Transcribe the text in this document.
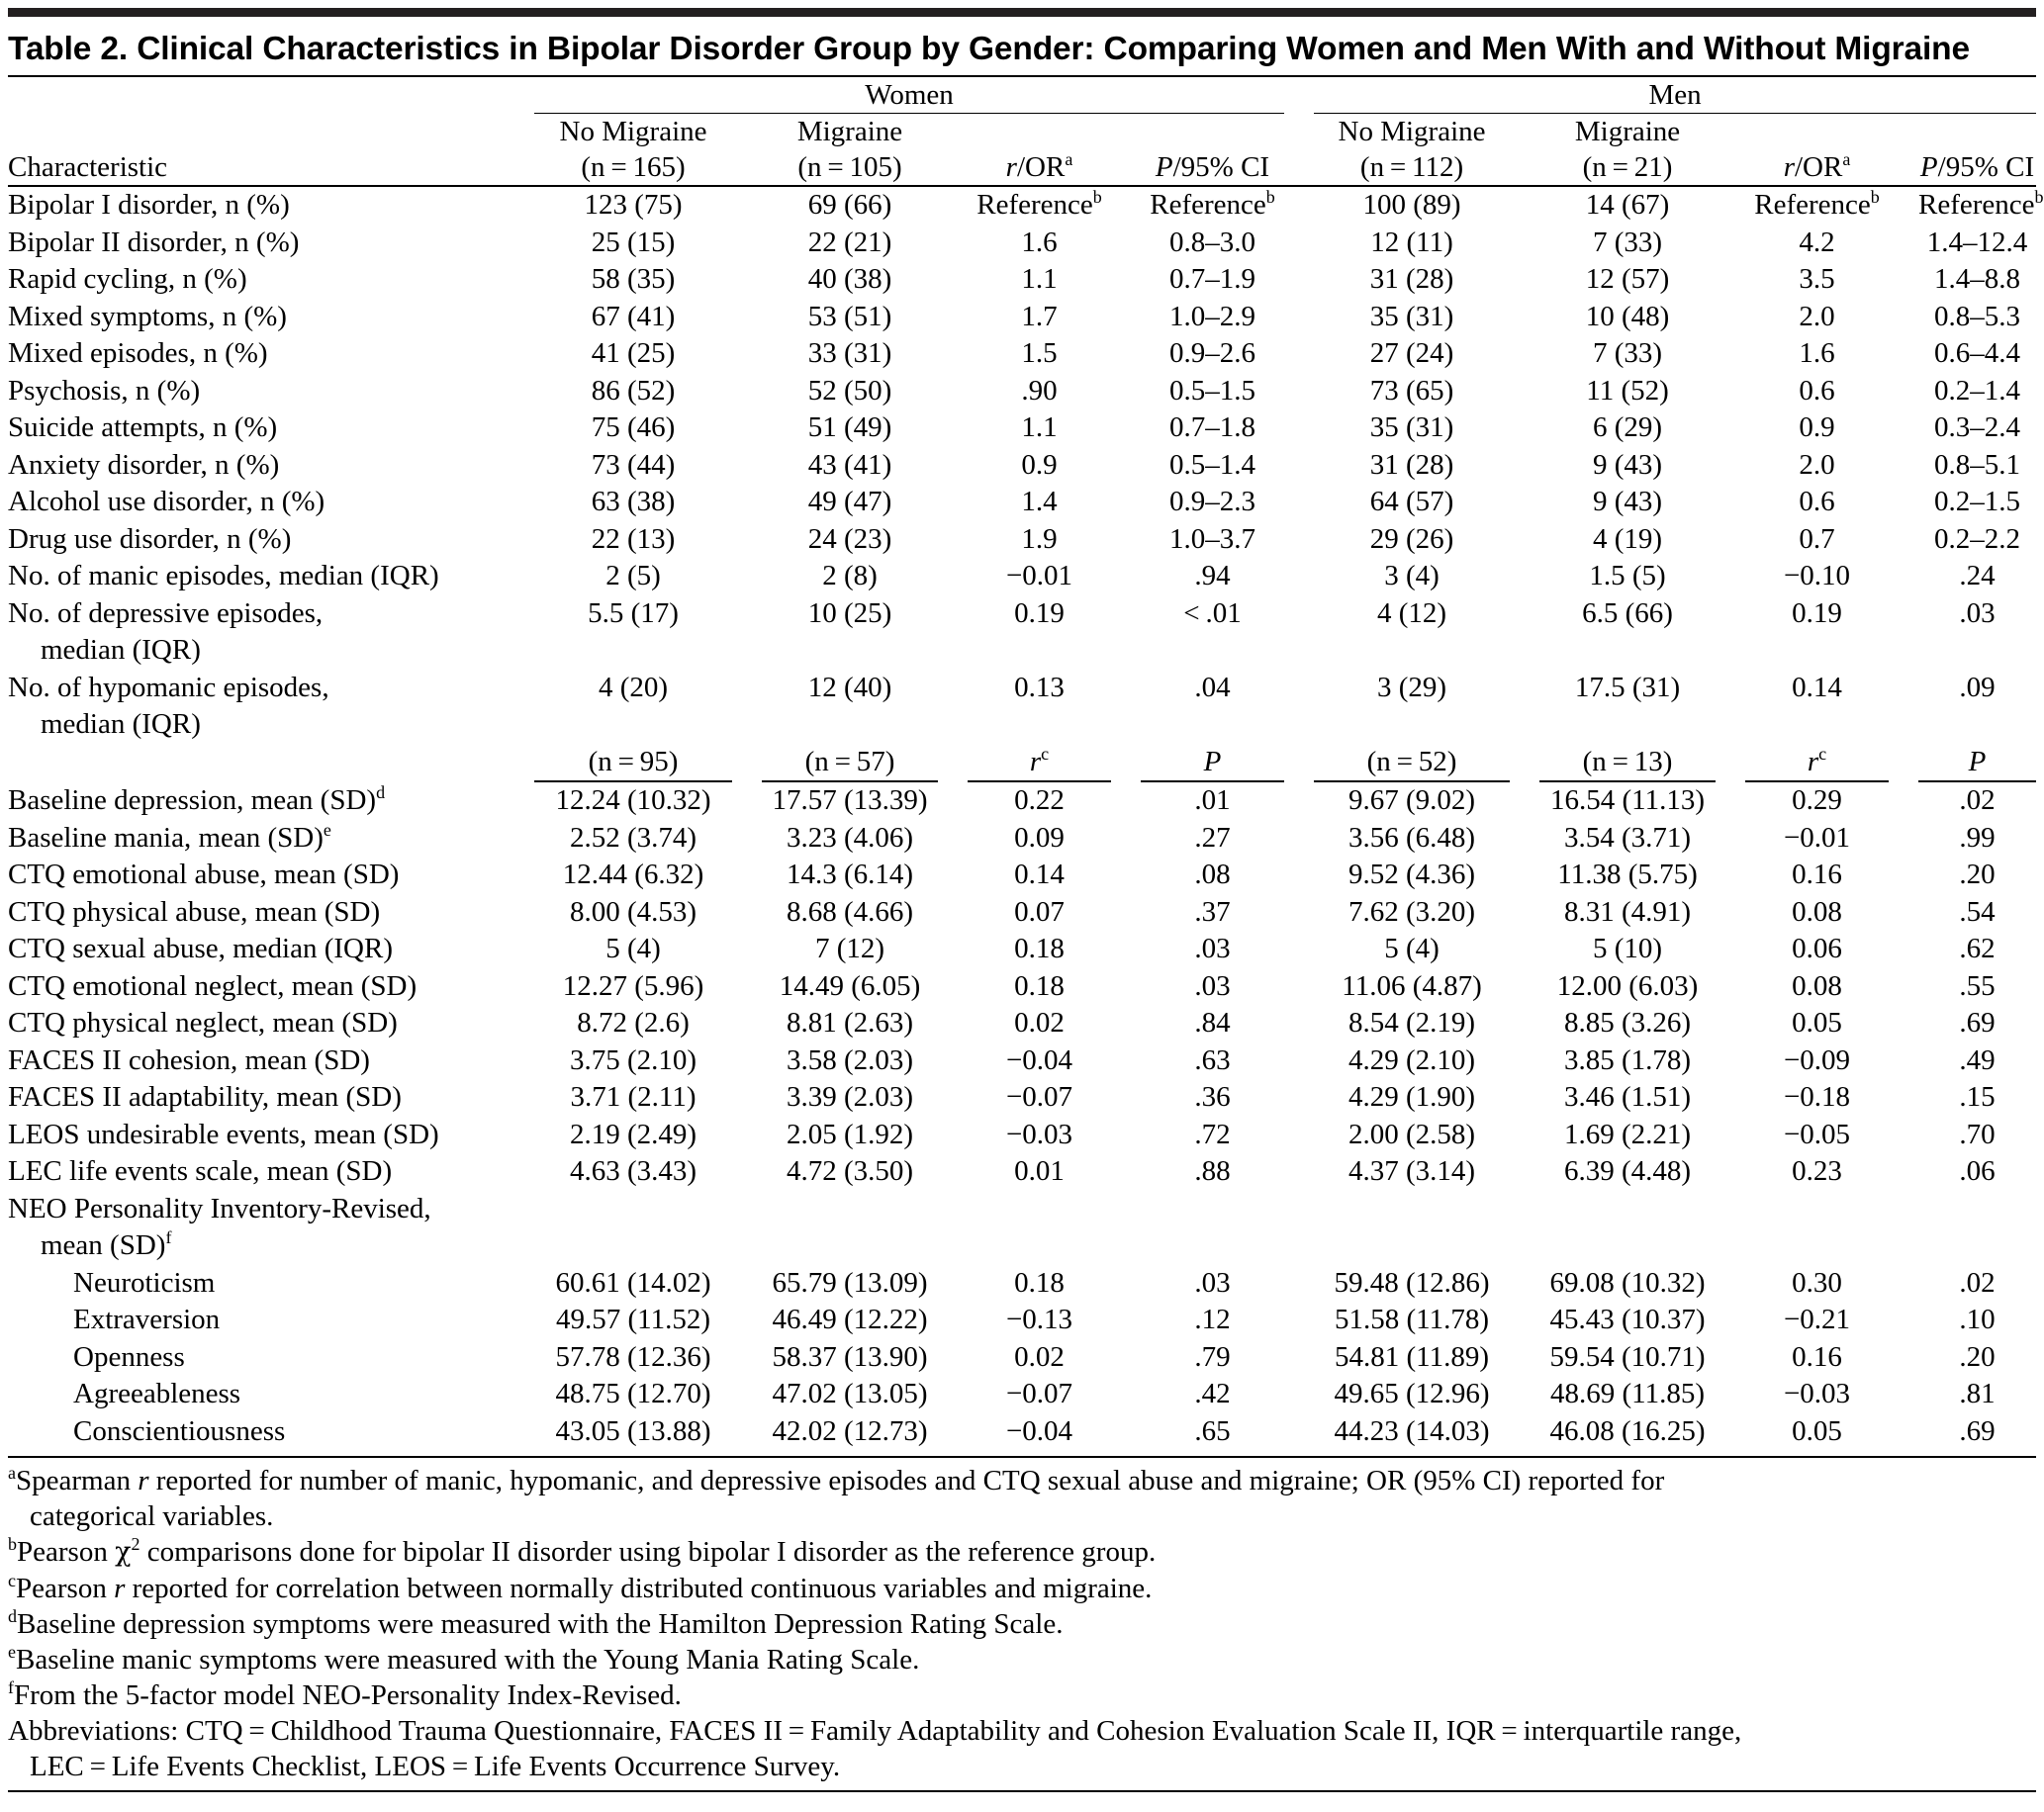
Table 2. Clinical Characteristics in Bipolar Disorder Group by Gender: Comparing Women and Men With and Without Migraine
	Women								Men						
	No Migraine		Migraine						No Migraine		Migraine				
Characteristic	(n = 165)		(n = 105)		$r/OR^a$		P/95% CI		(n = 112)		(n = 21)		$r/OR^a$		P/95% CI
Bipolar I disorder, n (%)	123 (75)		69 (66)		Reference$^b$		Reference$^b$		100 (89)		14 (67)		Reference$^b$		Reference$^b$
Bipolar II disorder, n (%)	25 (15)		22 (21)		1.6		0.8–3.0		12 (11)		7 (33)		4.2		1.4–12.4
Rapid cycling, n (%)	58 (35)		40 (38)		1.1		0.7–1.9		31 (28)		12 (57)		3.5		1.4–8.8
Mixed symptoms, n (%)	67 (41)		53 (51)		1.7		1.0–2.9		35 (31)		10 (48)		2.0		0.8–5.3
Mixed episodes, n (%)	41 (25)		33 (31)		1.5		0.9–2.6		27 (24)		7 (33)		1.6		0.6–4.4
Psychosis, n (%)	86 (52)		52 (50)		.90		0.5–1.5		73 (65)		11 (52)		0.6		0.2–1.4
Suicide attempts, n (%)	75 (46)		51 (49)		1.1		0.7–1.8		35 (31)		6 (29)		0.9		0.3–2.4
Anxiety disorder, n (%)	73 (44)		43 (41)		0.9		0.5–1.4		31 (28)		9 (43)		2.0		0.8–5.1
Alcohol use disorder, n (%)	63 (38)		49 (47)		1.4		0.9–2.3		64 (57)		9 (43)		0.6		0.2–1.5
Drug use disorder, n (%)	22 (13)		24 (23)		1.9		1.0–3.7		29 (26)		4 (19)		0.7		0.2–2.2
No. of manic episodes, median (IQR)	2 (5)		2 (8)		−0.01		.94		3 (4)		1.5 (5)		−0.10		.24
No. of depressive episodes,
median (IQR)	5.5 (17)		10 (25)		0.19		< .01		4 (12)		6.5 (66)		0.19		.03
No. of hypomanic episodes,
median (IQR)	4 (20)		12 (40)		0.13		.04		3 (29)		17.5 (31)		0.14		.09
	(n = 95)		(n = 57)		$r^c$		P		(n = 52)		(n = 13)		$r^c$		P
Baseline depression, mean (SD)$^d$	12.24 (10.32)		17.57 (13.39)		0.22		.01		9.67 (9.02)		16.54 (11.13)		0.29		.02
Baseline mania, mean (SD)$^e$	2.52 (3.74)		3.23 (4.06)		0.09		.27		3.56 (6.48)		3.54 (3.71)		−0.01		.99
CTQ emotional abuse, mean (SD)	12.44 (6.32)		14.3 (6.14)		0.14		.08		9.52 (4.36)		11.38 (5.75)		0.16		.20
CTQ physical abuse, mean (SD)	8.00 (4.53)		8.68 (4.66)		0.07		.37		7.62 (3.20)		8.31 (4.91)		0.08		.54
CTQ sexual abuse, median (IQR)	5 (4)		7 (12)		0.18		.03		5 (4)		5 (10)		0.06		.62
CTQ emotional neglect, mean (SD)	12.27 (5.96)		14.49 (6.05)		0.18		.03		11.06 (4.87)		12.00 (6.03)		0.08		.55
CTQ physical neglect, mean (SD)	8.72 (2.6)		8.81 (2.63)		0.02		.84		8.54 (2.19)		8.85 (3.26)		0.05		.69
FACES II cohesion, mean (SD)	3.75 (2.10)		3.58 (2.03)		−0.04		.63		4.29 (2.10)		3.85 (1.78)		−0.09		.49
FACES II adaptability, mean (SD)	3.71 (2.11)		3.39 (2.03)		−0.07		.36		4.29 (1.90)		3.46 (1.51)		−0.18		.15
LEOS undesirable events, mean (SD)	2.19 (2.49)		2.05 (1.92)		−0.03		.72		2.00 (2.58)		1.69 (2.21)		−0.05		.70
LEC life events scale, mean (SD)	4.63 (3.43)		4.72 (3.50)		0.01		.88		4.37 (3.14)		6.39 (4.48)		0.23		.06
NEO Personality Inventory-Revised,
mean (SD)$^f$

Neuroticism	60.61 (14.02)		65.79 (13.09)		0.18		.03		59.48 (12.86)		69.08 (10.32)		0.30		.02
Extraversion	49.57 (11.52)		46.49 (12.22)		−0.13		.12		51.58 (11.78)		45.43 (10.37)		−0.21		.10
Openness	57.78 (12.36)		58.37 (13.90)		0.02		.79		54.81 (11.89)		59.54 (10.71)		0.16		.20
Agreeableness	48.75 (12.70)		47.02 (13.05)		−0.07		.42		49.65 (12.96)		48.69 (11.85)		−0.03		.81
Conscientiousness	43.05 (13.88)		42.02 (12.73)		−0.04		.65		44.23 (14.03)		46.08 (16.25)		0.05		.69
$^a$Spearman r reported for number of manic, hypomanic, and depressive episodes and CTQ sexual abuse and migraine; OR (95% CI) reported for
categorical variables.
$^b$Pearson $\chi^2$ comparisons done for bipolar II disorder using bipolar I disorder as the reference group.
$^c$Pearson r reported for correlation between normally distributed continuous variables and migraine.
$^d$Baseline depression symptoms were measured with the Hamilton Depression Rating Scale.
$^e$Baseline manic symptoms were measured with the Young Mania Rating Scale.
$^f$From the 5-factor model NEO-Personality Index-Revised.
Abbreviations: CTQ = Childhood Trauma Questionnaire, FACES II = Family Adaptability and Cohesion Evaluation Scale II, IQR = interquartile range,
LEC = Life Events Checklist, LEOS = Life Events Occurrence Survey.
